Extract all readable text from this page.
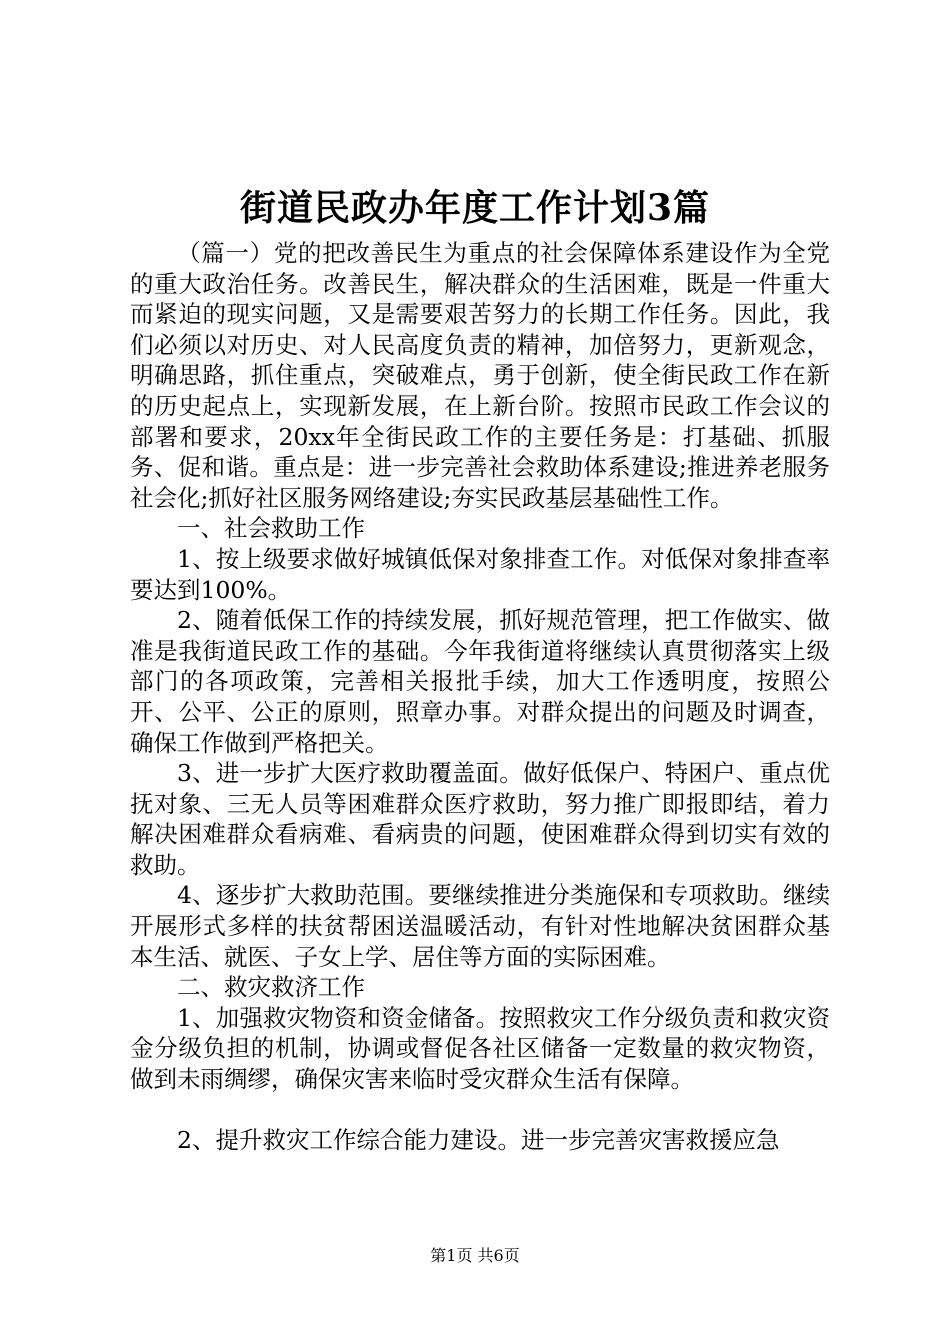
街道民政办年度工作计划3篇

（篇一）党的把改善民生为重点的社会保障体系建设作为全党的重大政治任务。改善民生，解决群众的生活困难，既是一件重大而紧迫的现实问题，又是需要艰苦努力的长期工作任务。因此，我们必须以对历史、对人民高度负责的精神，加倍努力，更新观念，明确思路，抓住重点，突破难点，勇于创新，使全街民政工作在新的历史起点上，实现新发展，在上新台阶。按照市民政工作会议的部署和要求，20xx年全街民政工作的主要任务是：打基础、抓服务、促和谐。重点是：进一步完善社会救助体系建设;推进养老服务社会化;抓好社区服务网络建设;夯实民政基层基础性工作。

一、社会救助工作

1、按上级要求做好城镇低保对象排查工作。对低保对象排查率要达到100%。

2、随着低保工作的持续发展，抓好规范管理，把工作做实、做准是我街道民政工作的基础。今年我街道将继续认真贯彻落实上级部门的各项政策，完善相关报批手续，加大工作透明度，按照公开、公平、公正的原则，照章办事。对群众提出的问题及时调查，确保工作做到严格把关。

3、进一步扩大医疗救助覆盖面。做好低保户、特困户、重点优抚对象、三无人员等困难群众医疗救助，努力推广即报即结，着力解决困难群众看病难、看病贵的问题，使困难群众得到切实有效的救助。

4、逐步扩大救助范围。要继续推进分类施保和专项救助。继续开展形式多样的扶贫帮困送温暖活动，有针对性地解决贫困群众基本生活、就医、子女上学、居住等方面的实际困难。

二、救灾救济工作

1、加强救灾物资和资金储备。按照救灾工作分级负责和救灾资金分级负担的机制，协调或督促各社区储备一定数量的救灾物资，做到未雨绸缪，确保灾害来临时受灾群众生活有保障。

2、提升救灾工作综合能力建设。进一步完善灾害救援应急

第1页 共6页
